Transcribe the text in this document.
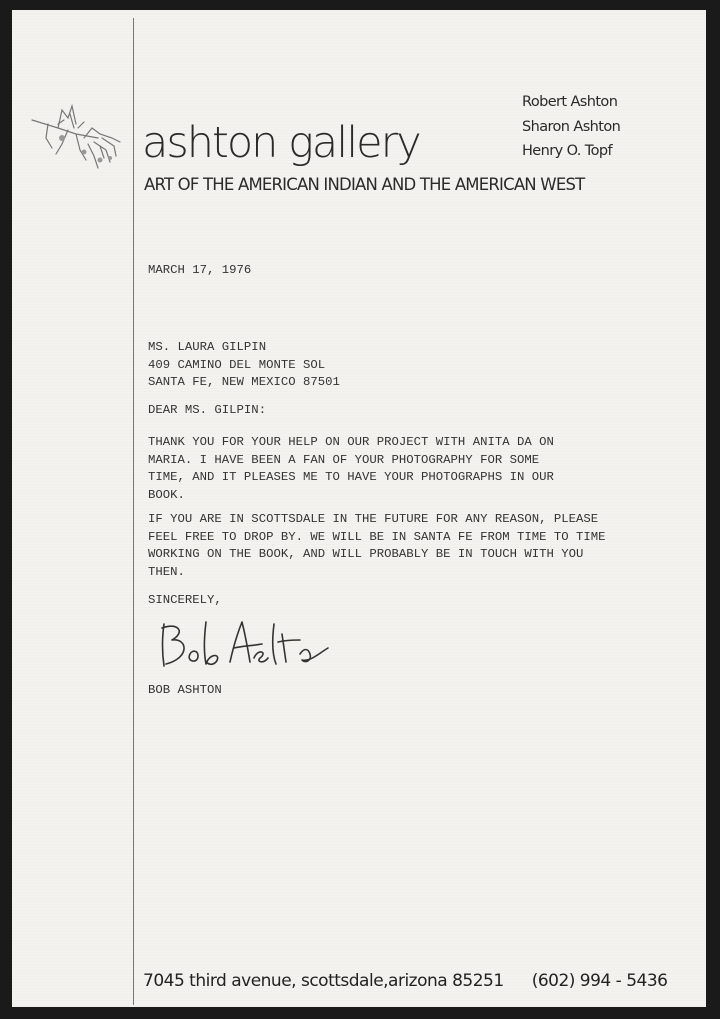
ashton gallery
ART OF THE AMERICAN INDIAN AND THE AMERICAN WEST
Robert Ashton
Sharon Ashton
Henry O. Topf
MARCH 17, 1976
MS. LAURA GILPIN
409 CAMINO DEL MONTE SOL
SANTA FE, NEW MEXICO 87501
DEAR MS. GILPIN:
THANK YOU FOR YOUR HELP ON OUR PROJECT WITH ANITA DA ON
MARIA. I HAVE BEEN A FAN OF YOUR PHOTOGRAPHY FOR SOME
TIME, AND IT PLEASES ME TO HAVE YOUR PHOTOGRAPHS IN OUR
BOOK.
IF YOU ARE IN SCOTTSDALE IN THE FUTURE FOR ANY REASON, PLEASE
FEEL FREE TO DROP BY. WE WILL BE IN SANTA FE FROM TIME TO TIME
WORKING ON THE BOOK, AND WILL PROBABLY BE IN TOUCH WITH YOU
THEN.
SINCERELY,
BOB ASHTON
7045 third avenue, scottsdale,arizona 85251 (602) 994 - 5436
